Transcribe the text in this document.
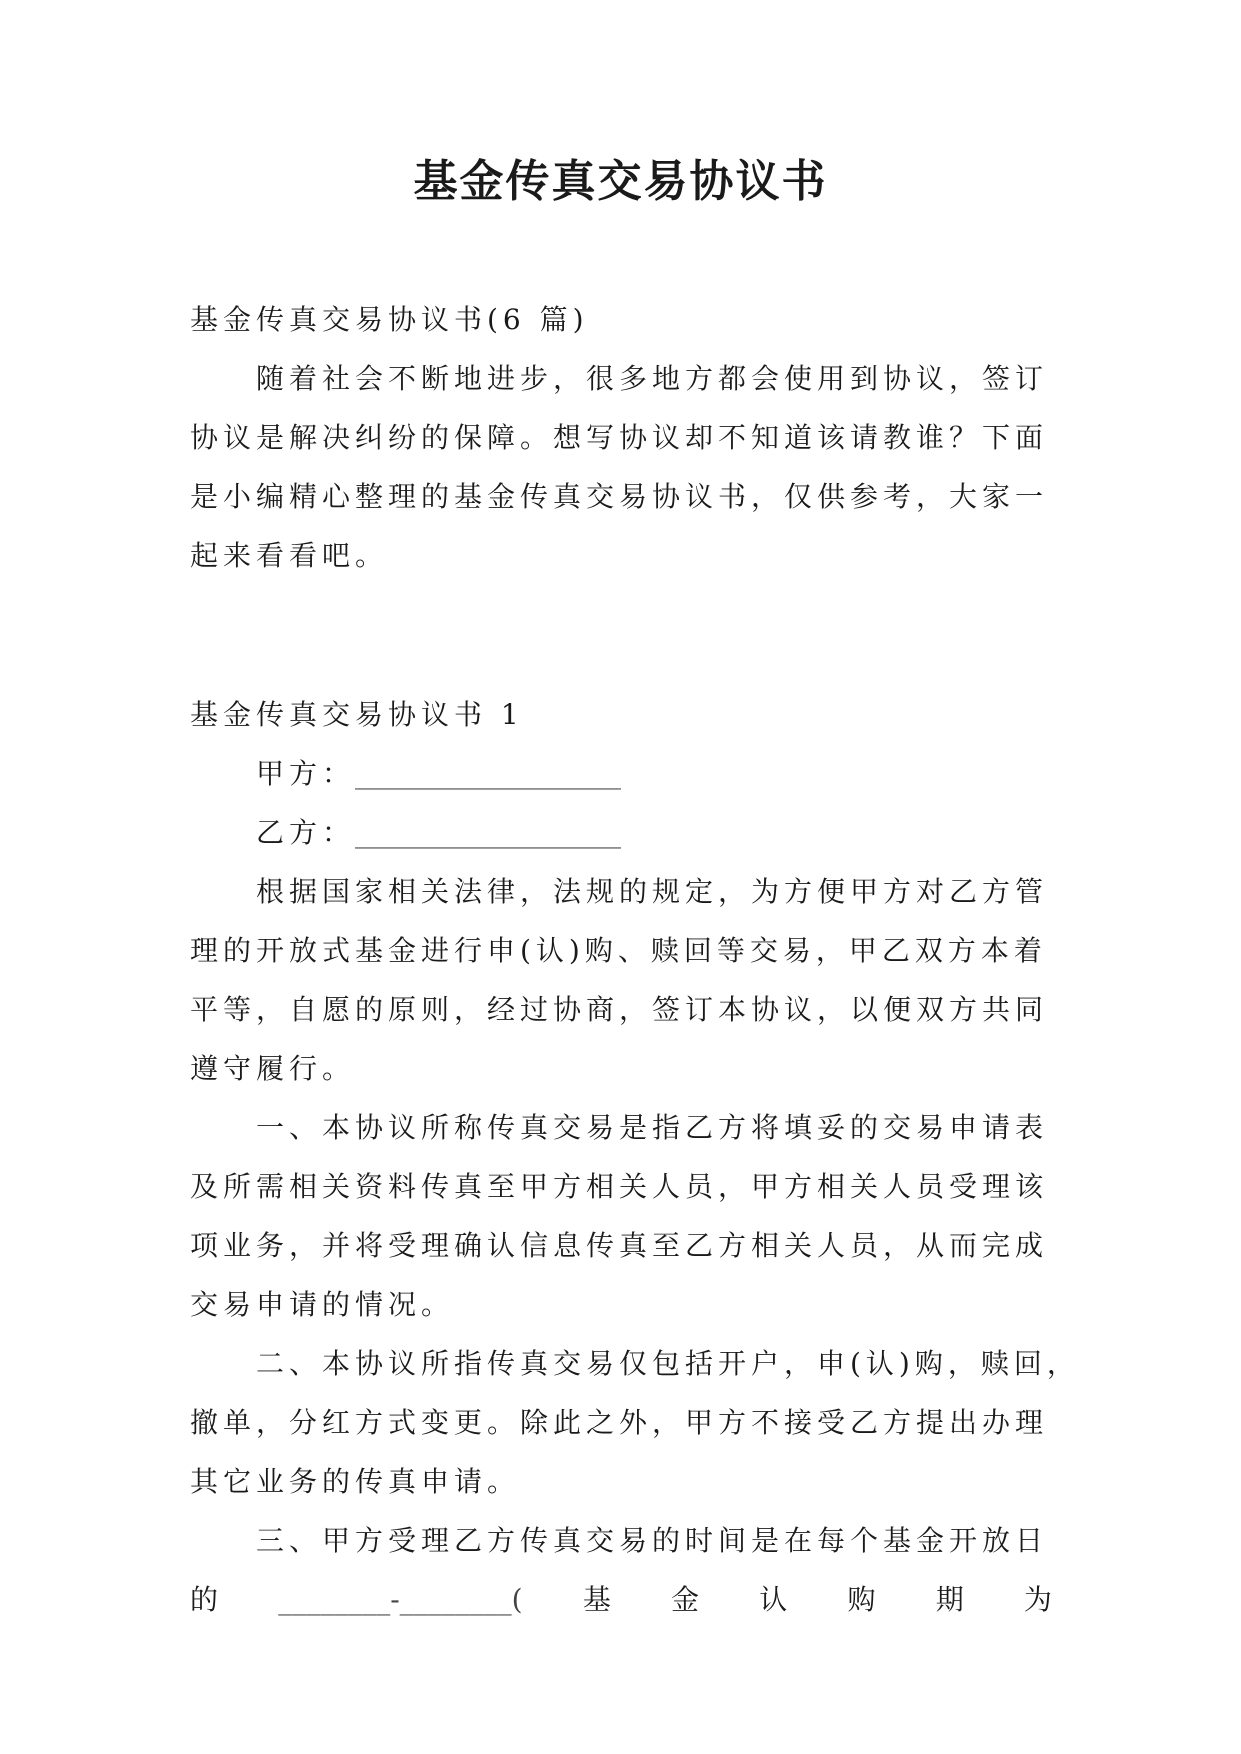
基金传真交易协议书
基金传真交易协议书(6 篇)
随着社会不断地进步，很多地方都会使用到协议，签订
协议是解决纠纷的保障。想写协议却不知道该请教谁？下面
是小编精心整理的基金传真交易协议书，仅供参考，大家一
起来看看吧。
基金传真交易协议书 1
甲方：___________________
乙方：___________________
根据国家相关法律，法规的规定，为方便甲方对乙方管
理的开放式基金进行申(认)购、赎回等交易，甲乙双方本着
平等，自愿的原则，经过协商，签订本协议，以便双方共同
遵守履行。
一、本协议所称传真交易是指乙方将填妥的交易申请表
及所需相关资料传真至甲方相关人员，甲方相关人员受理该
项业务，并将受理确认信息传真至乙方相关人员，从而完成
交易申请的情况。
二、本协议所指传真交易仅包括开户，申(认)购，赎回，
撤单，分红方式变更。除此之外，甲方不接受乙方提出办理
其它业务的传真申请。
三、甲方受理乙方传真交易的时间是在每个基金开放日
的 ________-________( 基 金 认 购 期 为
